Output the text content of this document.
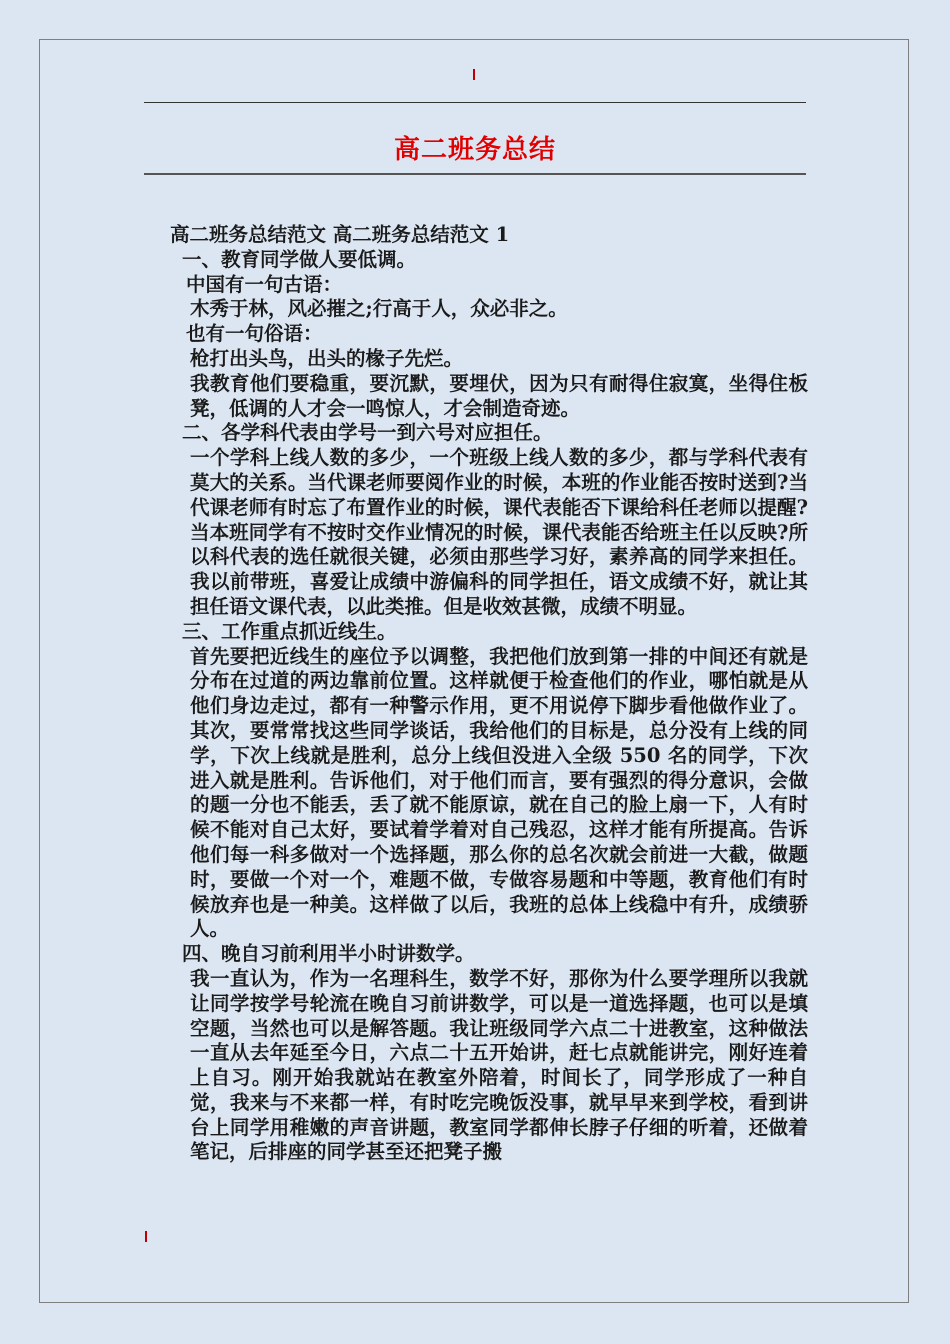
高二班务总结

高二班务总结范文 高二班务总结范文 1

一、教育同学做人要低调。

中国有一句古语：

木秀于林，风必摧之;行高于人，众必非之。

也有一句俗语：

枪打出头鸟，出头的椽子先烂。

我教育他们要稳重，要沉默，要埋伏，因为只有耐得住寂寞，坐得住板凳，低调的人才会一鸣惊人，才会制造奇迹。

二、各学科代表由学号一到六号对应担任。

一个学科上线人数的多少，一个班级上线人数的多少，都与学科代表有莫大的关系。当代课老师要阅作业的时候，本班的作业能否按时送到?当代课老师有时忘了布置作业的时候，课代表能否下课给科任老师以提醒?当本班同学有不按时交作业情况的时候，课代表能否给班主任以反映?所以科代表的选任就很关键，必须由那些学习好，素养高的同学来担任。我以前带班，喜爱让成绩中游偏科的同学担任，语文成绩不好，就让其担任语文课代表，以此类推。但是收效甚微，成绩不明显。

三、工作重点抓近线生。

首先要把近线生的座位予以调整，我把他们放到第一排的中间还有就是分布在过道的两边靠前位置。这样就便于检查他们的作业，哪怕就是从他们身边走过，都有一种警示作用，更不用说停下脚步看他做作业了。其次，要常常找这些同学谈话，我给他们的目标是，总分没有上线的同学，下次上线就是胜利，总分上线但没进入全级 550 名的同学，下次进入就是胜利。告诉他们，对于他们而言，要有强烈的得分意识，会做的题一分也不能丢，丢了就不能原谅，就在自己的脸上扇一下，人有时候不能对自己太好，要试着学着对自己残忍，这样才能有所提高。告诉他们每一科多做对一个选择题，那么你的总名次就会前进一大截，做题时，要做一个对一个，难题不做，专做容易题和中等题，教育他们有时候放弃也是一种美。这样做了以后，我班的总体上线稳中有升，成绩骄人。

四、晚自习前利用半小时讲数学。

我一直认为，作为一名理科生，数学不好，那你为什么要学理所以我就让同学按学号轮流在晚自习前讲数学，可以是一道选择题，也可以是填空题，当然也可以是解答题。我让班级同学六点二十进教室，这种做法一直从去年延至今日，六点二十五开始讲，赶七点就能讲完，刚好连着上自习。刚开始我就站在教室外陪着，时间长了，同学形成了一种自觉，我来与不来都一样，有时吃完晚饭没事，就早早来到学校，看到讲台上同学用稚嫩的声音讲题，教室同学都伸长脖子仔细的听着，还做着笔记，后排座的同学甚至还把凳子搬
